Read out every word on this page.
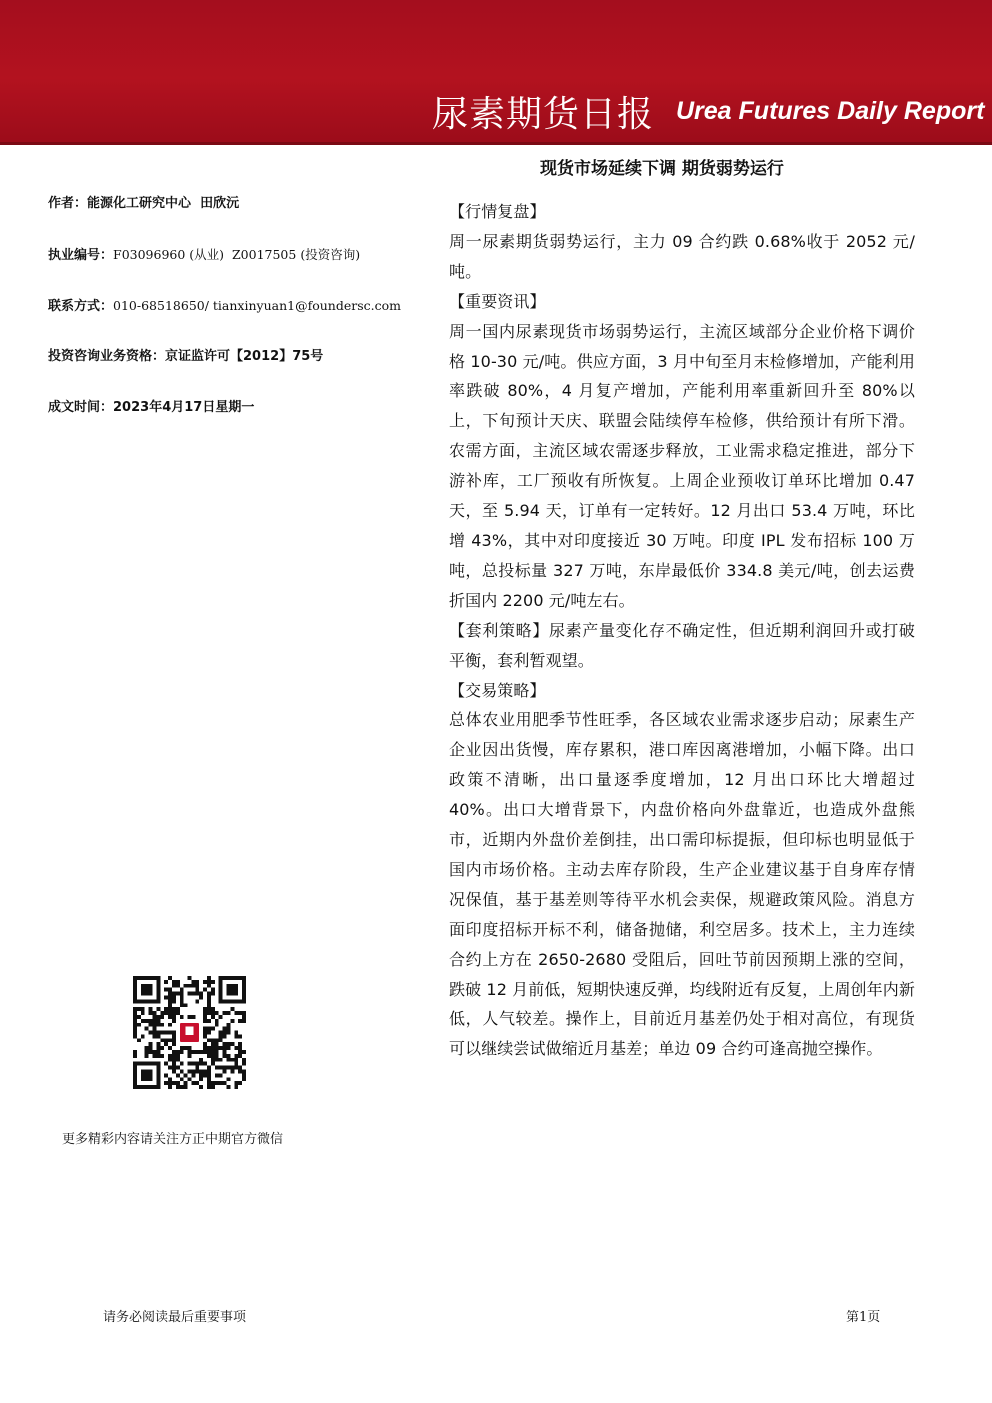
尿素期货日报 Urea Futures Daily Report
现货市场延续下调 期货弱势运行
作者：能源化工研究中心  田欣沅
执业编号：F03096960 (从业)  Z0017505 (投资咨询)
联系方式：010-68518650/ tianxinyuan1@foundersc.com
投资咨询业务资格：京证监许可【2012】75号
成文时间：2023年4月17日星期一
更多精彩内容请关注方正中期官方微信

【行情复盘】

周一尿素期货弱势运行，主力 09 合约跌 0.68%收于 2052 元/吨。

【重要资讯】

周一国内尿素现货市场弱势运行，主流区域部分企业价格下调价格 10-30 元/吨。供应方面，3 月中旬至月末检修增加，产能利用率跌破 80%，4 月复产增加，产能利用率重新回升至 80%以上，下旬预计天庆、联盟会陆续停车检修，供给预计有所下滑。农需方面，主流区域农需逐步释放，工业需求稳定推进，部分下游补库，工厂预收有所恢复。上周企业预收订单环比增加 0.47 天，至 5.94 天，订单有一定转好。12 月出口 53.4 万吨，环比增 43%，其中对印度接近 30 万吨。印度 IPL 发布招标 100 万吨，总投标量 327 万吨，东岸最低价 334.8 美元/吨，创去运费折国内 2200 元/吨左右。

【套利策略】尿素产量变化存不确定性，但近期利润回升或打破平衡，套利暂观望。

【交易策略】

总体农业用肥季节性旺季，各区域农业需求逐步启动；尿素生产企业因出货慢，库存累积，港口库因离港增加，小幅下降。出口政策不清晰，出口量逐季度增加，12 月出口环比大增超过 40%。出口大增背景下，内盘价格向外盘靠近，也造成外盘熊市，近期内外盘价差倒挂，出口需印标提振，但印标也明显低于国内市场价格。主动去库存阶段，生产企业建议基于自身库存情况保值，基于基差则等待平水机会卖保，规避政策风险。消息方面印度招标开标不利，储备抛储，利空居多。技术上，主力连续合约上方在 2650-2680 受阻后，回吐节前因预期上涨的空间，跌破 12 月前低，短期快速反弹，均线附近有反复，上周创年内新低，人气较差。操作上，目前近月基差仍处于相对高位，有现货可以继续尝试做缩近月基差；单边 09 合约可逢高抛空操作。

请务必阅读最后重要事项	第1页
